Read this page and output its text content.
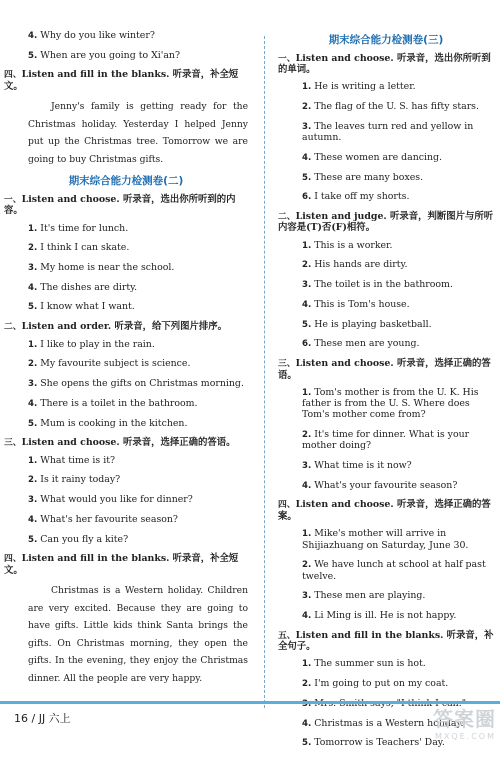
4. Why do you like winter?
5. When are you going to Xi'an?
四、Listen and fill in the blanks. 听录音，补全短文。

Jenny's family is getting ready for the Christmas holiday. Yesterday I helped Jenny put up the Christmas tree. Tomorrow we are going to buy Christmas gifts.

期末综合能力检测卷(二)
一、Listen and choose. 听录音，选出你所听到的内容。
1. It's time for lunch.
2. I think I can skate.
3. My home is near the school.
4. The dishes are dirty.
5. I know what I want.
二、Listen and order. 听录音，给下列图片排序。
1. I like to play in the rain.
2. My favourite subject is science.
3. She opens the gifts on Christmas morning.
4. There is a toilet in the bathroom.
5. Mum is cooking in the kitchen.
三、Listen and choose. 听录音，选择正确的答语。
1. What time is it?
2. Is it rainy today?
3. What would you like for dinner?
4. What's her favourite season?
5. Can you fly a kite?
四、Listen and fill in the blanks. 听录音，补全短文。

Christmas is a Western holiday. Children are very excited. Because they are going to have gifts. Little kids think Santa brings the gifts. On Christmas morning, they open the gifts. In the evening, they enjoy the Christmas dinner. All the people are very happy.

期末综合能力检测卷(三)
一、Listen and choose. 听录音，选出你所听到的单词。
1. He is writing a letter.
2. The flag of the U. S. has fifty stars.
3. The leaves turn red and yellow in autumn.
4. These women are dancing.
5. These are many boxes.
6. I take off my shorts.
二、Listen and judge. 听录音，判断图片与所听内容是(T)否(F)相符。
1. This is a worker.
2. His hands are dirty.
3. The toilet is in the bathroom.
4. This is Tom's house.
5. He is playing basketball.
6. These men are young.
三、Listen and choose. 听录音，选择正确的答语。
1. Tom's mother is from the U. K. His father is from the U. S. Where does Tom's mother come from?
2. It's time for dinner. What is your mother doing?
3. What time is it now?
4. What's your favourite season?
四、Listen and choose. 听录音，选择正确的答案。
1. Mike's mother will arrive in Shijiazhuang on Saturday, June 30.
2. We have lunch at school at half past twelve.
3. These men are playing.
4. Li Ming is ill. He is not happy.
五、Listen and fill in the blanks. 听录音，补全句子。
1. The summer sun is hot.
2. I'm going to put on my coat.
4. Christmas is a Western holiday.
5. Tomorrow is Teachers' Day.
16 / JJ 六上	答案圈
MXQE.COM
